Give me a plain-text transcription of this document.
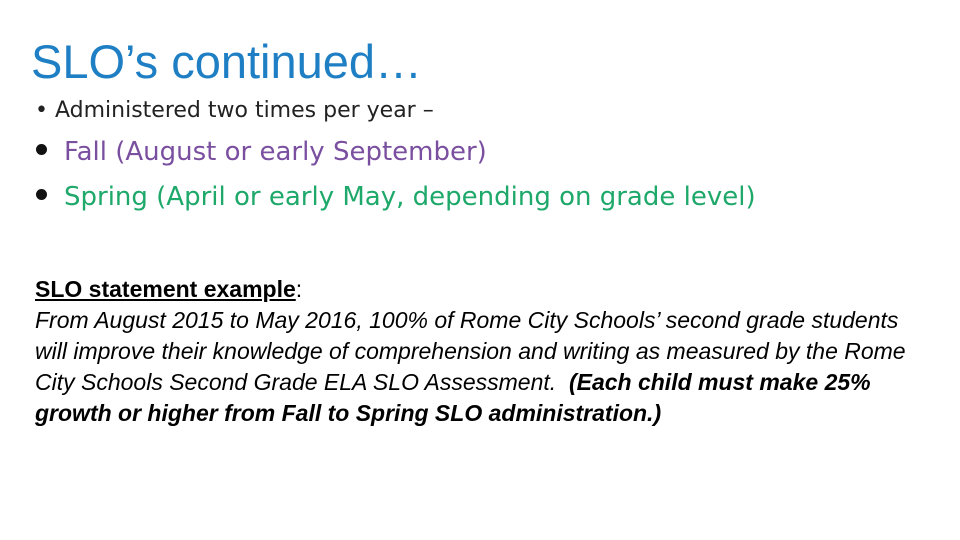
SLO’s continued…
• Administered two times per year –
Fall (August or early September)
Spring (April or early May, depending on grade level)
SLO statement example:
From August 2015 to May 2016, 100% of Rome City Schools’ second grade students will improve their knowledge of comprehension and writing as measured by the Rome City Schools Second Grade ELA SLO Assessment. (Each child must make 25% growth or higher from Fall to Spring SLO administration.)
